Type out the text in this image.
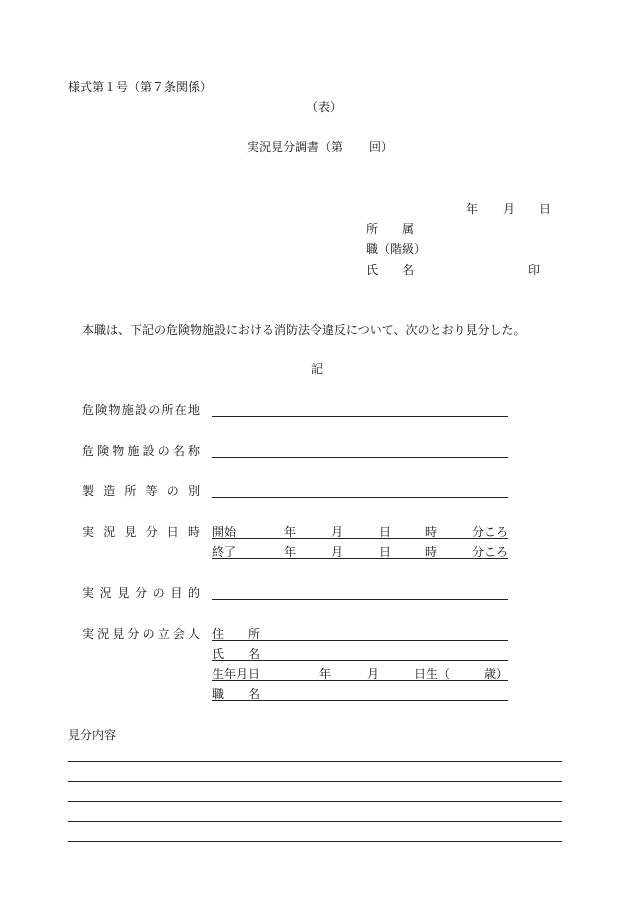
様式第１号（第７条関係）
（表）
実況見分調書（第 回）
年 月 日
所　　属
職（階級）
氏　　名	印
本職は、下記の危険物施設における消防法令違反について、次のとおり見分した。
記
危険物施設の所在地
危険物施設の名称
製造所等の別
実況見分日時 開始	年	月	日	時	分ころ
終了	年	月	日	時	分ころ
実況見分の目的
実況見分の立会人 住　　所
氏　　名
生年月日	年	月	日生（	歳）
職　　名
見分内容
